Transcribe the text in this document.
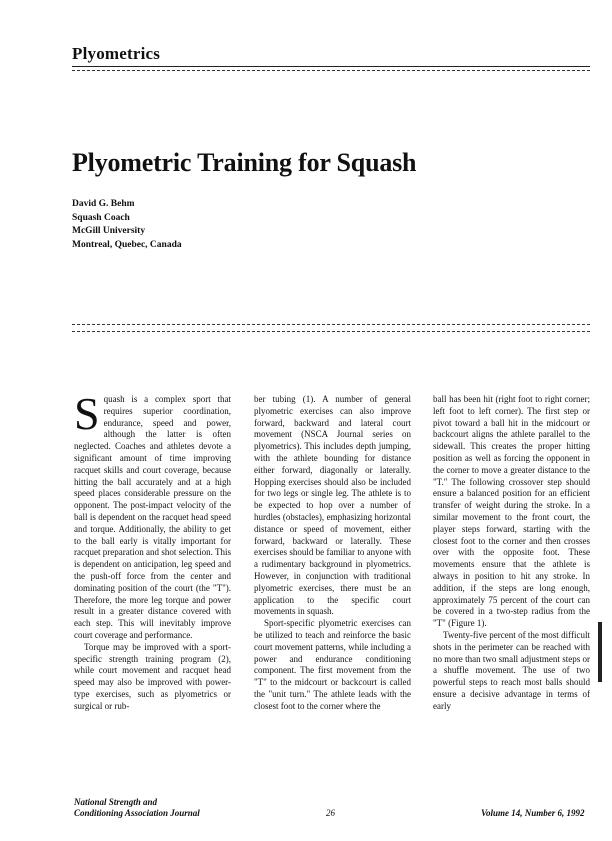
Plyometrics
Plyometric Training for Squash
David G. Behm
Squash Coach
McGill University
Montreal, Quebec, Canada

Squash is a complex sport that requires superior coordination, endurance, speed and power, although the latter is often neglected. Coaches and athletes devote a significant amount of time improving racquet skills and court coverage, because hitting the ball accurately and at a high speed places considerable pressure on the opponent. The post-impact velocity of the ball is dependent on the racquet head speed and torque. Additionally, the ability to get to the ball early is vitally important for racquet preparation and shot selection. This is dependent on anticipation, leg speed and the push-off force from the center and dominating position of the court (the "T"). Therefore, the more leg torque and power result in a greater distance covered with each step. This will inevitably improve court coverage and performance.

Torque may be improved with a sport-specific strength training program (2), while court movement and racquet head speed may also be improved with power-type exercises, such as plyometrics or surgical or rub-

ber tubing (1). A number of general plyometric exercises can also improve forward, backward and lateral court movement (NSCA Journal series on plyometrics). This includes depth jumping, with the athlete bounding for distance either forward, diagonally or laterally. Hopping exercises should also be included for two legs or single leg. The athlete is to be expected to hop over a number of hurdles (obstacles), emphasizing horizontal distance or speed of movement, either forward, backward or laterally. These exercises should be familiar to anyone with a rudimentary background in plyometrics. However, in conjunction with traditional plyometric exercises, there must be an application to the specific court movements in squash.

Sport-specific plyometric exercises can be utilized to teach and reinforce the basic court movement patterns, while including a power and endurance conditioning component. The first movement from the "T" to the midcourt or backcourt is called the "unit turn." The athlete leads with the closest foot to the corner where the

ball has been hit (right foot to right corner; left foot to left corner). The first step or pivot toward a ball hit in the midcourt or backcourt aligns the athlete parallel to the sidewall. This creates the proper hitting position as well as forcing the opponent in the corner to move a greater distance to the "T." The following crossover step should ensure a balanced position for an efficient transfer of weight during the stroke. In a similar movement to the front court, the player steps forward, starting with the closest foot to the corner and then crosses over with the opposite foot. These movements ensure that the athlete is always in position to hit any stroke. In addition, if the steps are long enough, approximately 75 percent of the court can be covered in a two-step radius from the "T" (Figure 1).

Twenty-five percent of the most difficult shots in the perimeter can be reached with no more than two small adjustment steps or a shuffle movement. The use of two powerful steps to reach most balls should ensure a decisive advantage in terms of early

National Strength and
Conditioning Association Journal	26	Volume 14, Number 6, 1992
